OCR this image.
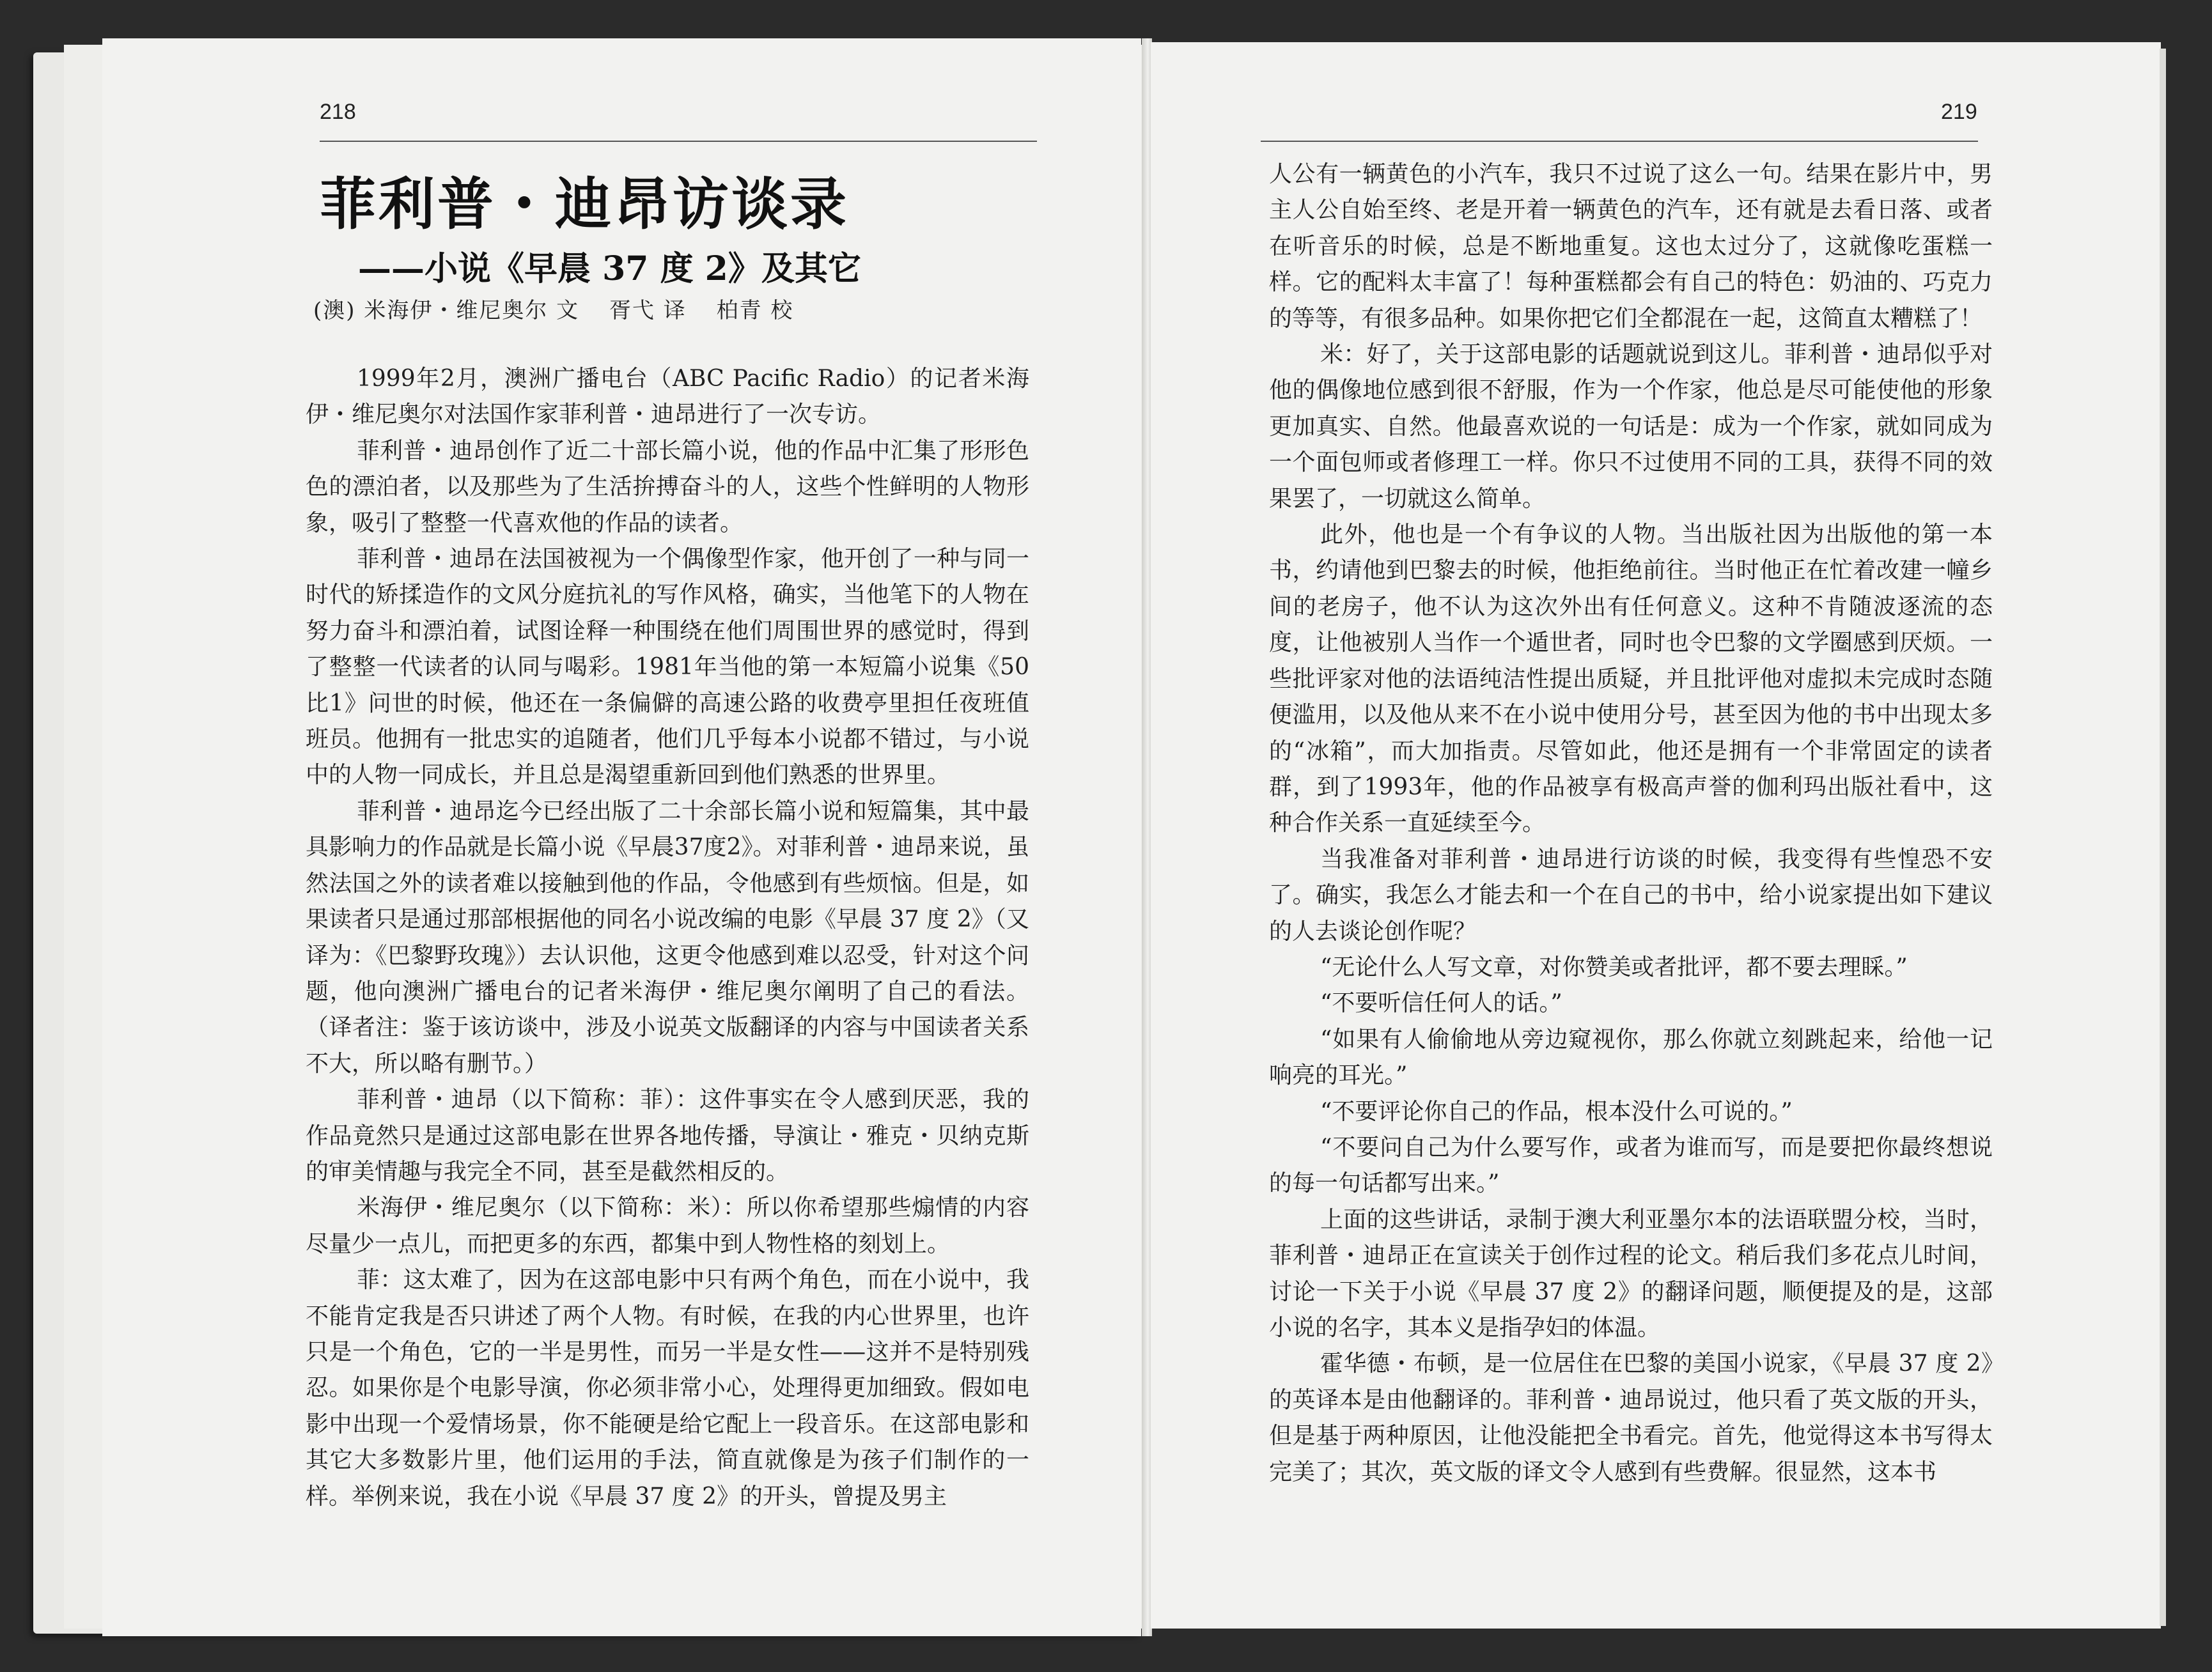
218
菲利普・迪昂访谈录
——小说《早晨 37 度 2》及其它
(澳) 米海伊・维尼奥尔 文 胥弋 译 柏青 校

1999年2月，澳洲广播电台（ABC Pacific Radio）的记者米海伊・维尼奥尔对法国作家菲利普・迪昂进行了一次专访。

菲利普・迪昂创作了近二十部长篇小说，他的作品中汇集了形形色色的漂泊者，以及那些为了生活拚搏奋斗的人，这些个性鲜明的人物形象，吸引了整整一代喜欢他的作品的读者。

菲利普・迪昂在法国被视为一个偶像型作家，他开创了一种与同一时代的矫揉造作的文风分庭抗礼的写作风格，确实，当他笔下的人物在努力奋斗和漂泊着，试图诠释一种围绕在他们周围世界的感觉时，得到了整整一代读者的认同与喝彩。1981年当他的第一本短篇小说集《50比1》问世的时候，他还在一条偏僻的高速公路的收费亭里担任夜班值班员。他拥有一批忠实的追随者，他们几乎每本小说都不错过，与小说中的人物一同成长，并且总是渴望重新回到他们熟悉的世界里。

菲利普・迪昂迄今已经出版了二十余部长篇小说和短篇集，其中最具影响力的作品就是长篇小说《早晨37度2》。对菲利普・迪昂来说，虽然法国之外的读者难以接触到他的作品，令他感到有些烦恼。但是，如果读者只是通过那部根据他的同名小说改编的电影《早晨 37 度 2》（又译为：《巴黎野玫瑰》）去认识他，这更令他感到难以忍受，针对这个问题，他向澳洲广播电台的记者米海伊・维尼奥尔阐明了自己的看法。（译者注：鉴于该访谈中，涉及小说英文版翻译的内容与中国读者关系不大，所以略有删节。）

菲利普・迪昂（以下简称：菲）：这件事实在令人感到厌恶，我的作品竟然只是通过这部电影在世界各地传播，导演让・雅克・贝纳克斯的审美情趣与我完全不同，甚至是截然相反的。

米海伊・维尼奥尔（以下简称：米）：所以你希望那些煽情的内容尽量少一点儿，而把更多的东西，都集中到人物性格的刻划上。

菲：这太难了，因为在这部电影中只有两个角色，而在小说中，我不能肯定我是否只讲述了两个人物。有时候，在我的内心世界里，也许只是一个角色，它的一半是男性，而另一半是女性——这并不是特别残忍。如果你是个电影导演，你必须非常小心，处理得更加细致。假如电影中出现一个爱情场景，你不能硬是给它配上一段音乐。在这部电影和其它大多数影片里，他们运用的手法，简直就像是为孩子们制作的一样。举例来说，我在小说《早晨 37 度 2》的开头，曾提及男主

219

人公有一辆黄色的小汽车，我只不过说了这么一句。结果在影片中，男主人公自始至终、老是开着一辆黄色的汽车，还有就是去看日落、或者在听音乐的时候，总是不断地重复。这也太过分了，这就像吃蛋糕一样。它的配料太丰富了！每种蛋糕都会有自己的特色：奶油的、巧克力的等等，有很多品种。如果你把它们全都混在一起，这简直太糟糕了！

米：好了，关于这部电影的话题就说到这儿。菲利普・迪昂似乎对他的偶像地位感到很不舒服，作为一个作家，他总是尽可能使他的形象更加真实、自然。他最喜欢说的一句话是：成为一个作家，就如同成为一个面包师或者修理工一样。你只不过使用不同的工具，获得不同的效果罢了，一切就这么简单。

此外，他也是一个有争议的人物。当出版社因为出版他的第一本书，约请他到巴黎去的时候，他拒绝前往。当时他正在忙着改建一幢乡间的老房子，他不认为这次外出有任何意义。这种不肯随波逐流的态度，让他被别人当作一个遁世者，同时也令巴黎的文学圈感到厌烦。一些批评家对他的法语纯洁性提出质疑，并且批评他对虚拟未完成时态随便滥用，以及他从来不在小说中使用分号，甚至因为他的书中出现太多的“冰箱”，而大加指责。尽管如此，他还是拥有一个非常固定的读者群，到了1993年，他的作品被享有极高声誉的伽利玛出版社看中，这种合作关系一直延续至今。

当我准备对菲利普・迪昂进行访谈的时候，我变得有些惶恐不安了。确实，我怎么才能去和一个在自己的书中，给小说家提出如下建议的人去谈论创作呢？

“无论什么人写文章，对你赞美或者批评，都不要去理睬。”

“不要听信任何人的话。”

“如果有人偷偷地从旁边窥视你，那么你就立刻跳起来，给他一记响亮的耳光。”

“不要评论你自己的作品，根本没什么可说的。”

“不要问自己为什么要写作，或者为谁而写，而是要把你最终想说的每一句话都写出来。”

上面的这些讲话，录制于澳大利亚墨尔本的法语联盟分校，当时，菲利普・迪昂正在宣读关于创作过程的论文。稍后我们多花点儿时间，讨论一下关于小说《早晨 37 度 2》的翻译问题，顺便提及的是，这部小说的名字，其本义是指孕妇的体温。

霍华德・布顿，是一位居住在巴黎的美国小说家，《早晨 37 度 2》的英译本是由他翻译的。菲利普・迪昂说过，他只看了英文版的开头，但是基于两种原因，让他没能把全书看完。首先，他觉得这本书写得太完美了；其次，英文版的译文令人感到有些费解。很显然，这本书
